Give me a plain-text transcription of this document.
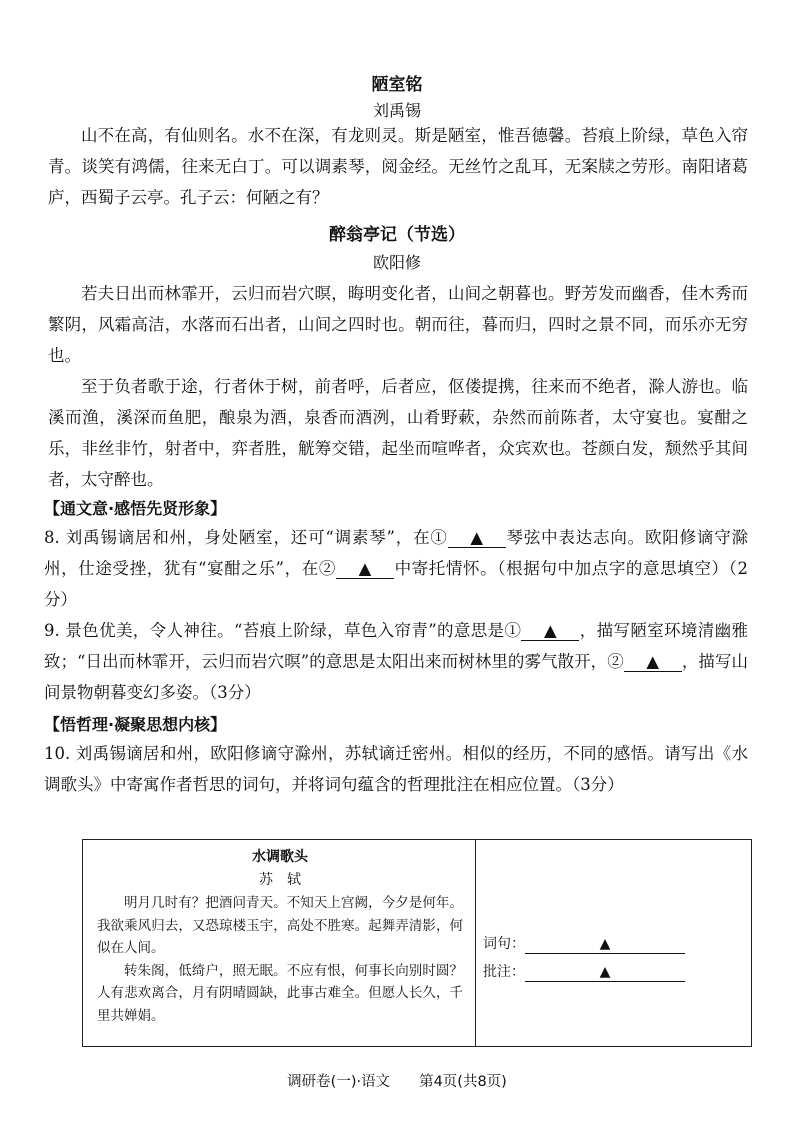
陋室铭
刘禹锡
山不在高，有仙则名。水不在深，有龙则灵。斯是陋室，惟吾德馨。苔痕上阶绿，草色入帘青。谈笑有鸿儒，往来无白丁。可以调素琴，阅金经。无丝竹之乱耳，无案牍之劳形。南阳诸葛庐，西蜀子云亭。孔子云：何陋之有？
醉翁亭记（节选）
欧阳修
若夫日出而林霏开，云归而岩穴暝，晦明变化者，山间之朝暮也。野芳发而幽香，佳木秀而繁阴，风霜高洁，水落而石出者，山间之四时也。朝而往，暮而归，四时之景不同，而乐亦无穷也。
至于负者歌于途，行者休于树，前者呼，后者应，伛偻提携，往来而不绝者，滁人游也。临溪而渔，溪深而鱼肥，酿泉为酒，泉香而酒洌，山肴野蔌，杂然而前陈者，太守宴也。宴酣之乐，非丝非竹，射者中，弈者胜，觥筹交错，起坐而喧哗者，众宾欢也。苍颜白发，颓然乎其间者，太守醉也。
【通文意·感悟先贤形象】
8. 刘禹锡谪居和州，身处陋室，还可“调素琴”，在① ▲ 琴弦中表达志向。欧阳修谪守滁州，仕途受挫，犹有“宴酣之乐”，在② ▲ 中寄托情怀。（根据句中加点字的意思填空）（2分）
9. 景色优美，令人神往。“苔痕上阶绿，草色入帘青”的意思是① ▲ ，描写陋室环境清幽雅致；“日出而林霏开，云归而岩穴暝”的意思是太阳出来而树林里的雾气散开，② ▲ ，描写山间景物朝暮变幻多姿。（3分）
【悟哲理·凝聚思想内核】
10. 刘禹锡谪居和州，欧阳修谪守滁州，苏轼谪迁密州。相似的经历，不同的感悟。请写出《水调歌头》中寄寓作者哲思的词句，并将词句蕴含的哲理批注在相应位置。（3分）
水调歌头
苏　轼
明月几时有？把酒问青天。不知天上宫阙，今夕是何年。我欲乘风归去，又恐琼楼玉宇，高处不胜寒。起舞弄清影，何似在人间。
转朱阁，低绮户，照无眠。不应有恨，何事长向别时圆？人有悲欢离合，月有阴晴圆缺，此事古难全。但愿人长久，千里共婵娟。
词句：	▲
批注：	▲
调研卷(一)·语文　　第4页(共8页)
